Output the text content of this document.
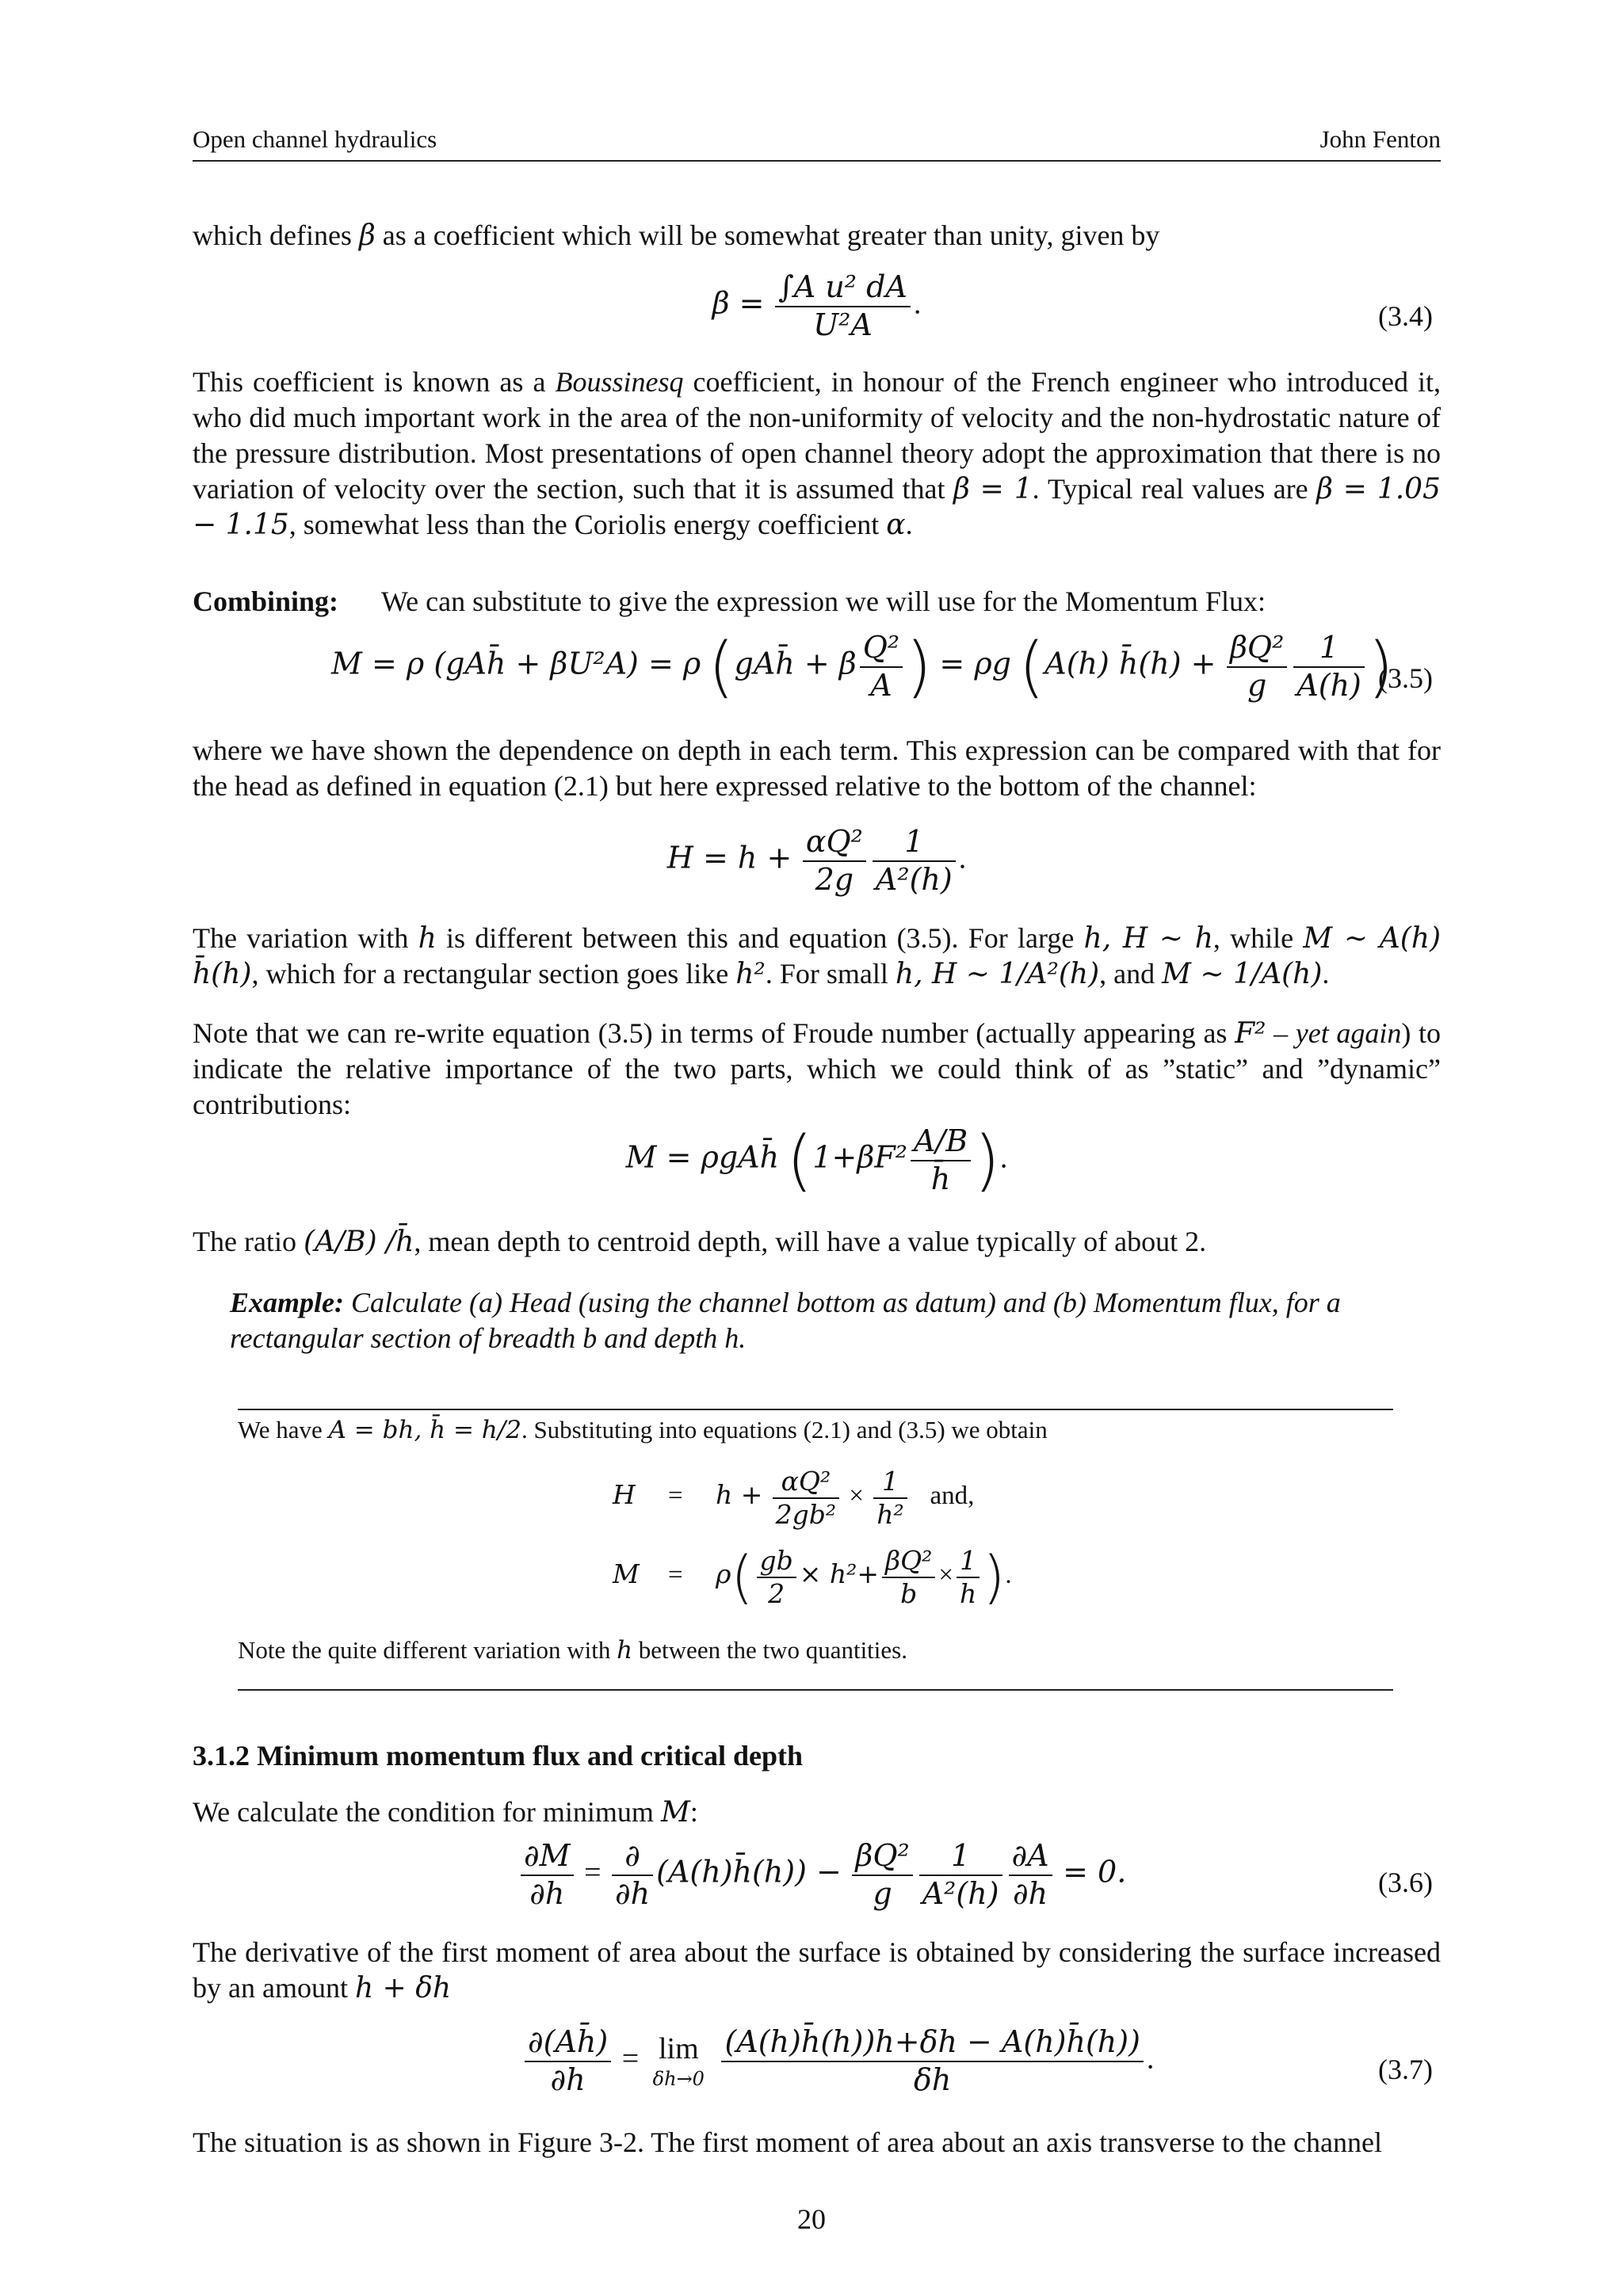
Open channel hydraulics	John Fenton

which defines β as a coefficient which will be somewhat greater than unity, given by

$\beta = \frac{\text{∫A u² dA}}{\text{U²A}}$ .	(3.4)

This coefficient is known as a Boussinesq coefficient, in honour of the French engineer who introduced it, who did much important work in the area of the non-uniformity of velocity and the non-hydrostatic nature of the pressure distribution. Most presentations of open channel theory adopt the approximation that there is no variation of velocity over the section, such that it is assumed that β = 1. Typical real values are β = 1.05 − 1.15, somewhat less than the Coriolis energy coefficient α.

Combining: We can substitute to give the expression we will use for the Momentum Flux:

M = ρ (gAh̄ + βU²A) = ρ (gAh̄ + β $\frac{\text{Q²}}{A}$ ) = ρg (A(h) h̄(h) + $\frac{\text{βQ²}}{g} \frac{1}{A(h)}$ )
(3.5)

where we have shown the dependence on depth in each term. This expression can be compared with that for the head as defined in equation (2.1) but here expressed relative to the bottom of the channel:

$H = h + \frac{\text{αQ²}}{2g} \frac{1}{\text{A²(h)}}$ .

The variation with h is different between this and equation (3.5). For large h, H ∼ h, while M ∼ A(h) h̄(h), which for a rectangular section goes like h². For small h, H ∼ 1/A²(h), and M ∼ 1/A(h).

Note that we can re-write equation (3.5) in terms of Froude number (actually appearing as F² – yet again) to indicate the relative importance of the two parts, which we could think of as ”static” and ”dynamic” contributions:

M = ρgAh̄ ($1+\beta F^2 \frac{A/B}{h̄}$ ).

The ratio (A/B) /h̄, mean depth to centroid depth, will have a value typically of about 2.

Example: Calculate (a) Head (using the channel bottom as datum) and (b) Momentum flux, for a rectangular section of breadth b and depth h.
We have A = bh, h̄ = h/2. Substituting into equations (2.1) and (3.5) we obtain
$H = h + \frac{\text{αQ²}}{\text{2gb²}} \times \frac{1}{\text{h²}}$ and,
$M = \rho( \frac{gb}{2} \times h^2+ \frac{\text{βQ²}}{b} \times \frac{1}{h}$ ).
Note the quite different variation with h between the two quantities.
3.1.2 Minimum momentum flux and critical depth

We calculate the condition for minimum M:

$\frac{\partial M}{\partial h} = \frac{\partial}{\partial h}$ (A(h)h̄(h)) − $\frac{\text{βQ²}}{g} \frac{1}{\text{A²(h)}} \frac{\partial A}{\partial h} = 0$.	(3.6)

The derivative of the first moment of area about the surface is obtained by considering the surface increased by an amount h + δh

$\frac{\partial(Ah̄)}{\partial h} = \lim$
δh→0
$\frac{(A(h)h̄(h))h+\delta h - A(h)h̄(h))}{\delta h}$ .	(3.7)

The situation is as shown in Figure 3-2. The first moment of area about an axis transverse to the channel

20
